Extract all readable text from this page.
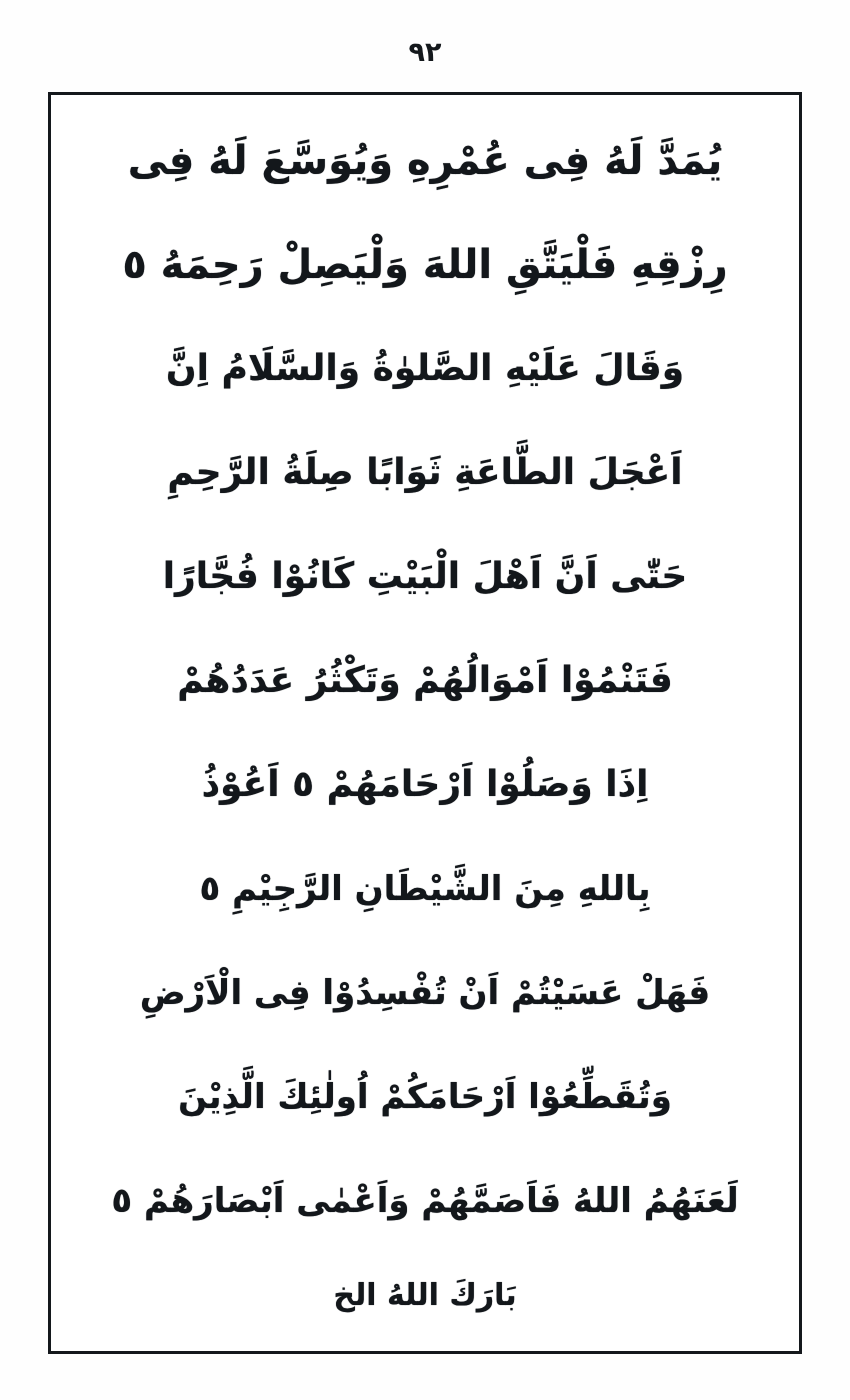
٩٢
يُمَدَّ لَهُ فِى عُمْرِهِ وَيُوَسَّعَ لَهُ فِى
رِزْقِهِ فَلْيَتَّقِ اللهَ وَلْيَصِلْ رَحِمَهُ ٥
وَقَالَ عَلَيْهِ الصَّلوٰةُ وَالسَّلَامُ اِنَّ
اَعْجَلَ الطَّاعَةِ ثَوَابًا صِلَةُ الرَّحِمِ
حَتّٰى اَنَّ اَهْلَ الْبَيْتِ كَانُوْا فُجَّارًا
فَتَنْمُوْا اَمْوَالُهُمْ وَتَكْثُرُ عَدَدُهُمْ
اِذَا وَصَلُوْا اَرْحَامَهُمْ ٥ اَعُوْذُ
بِاللهِ مِنَ الشَّيْطَانِ الرَّجِيْمِ ٥
فَهَلْ عَسَيْتُمْ اَنْ تُفْسِدُوْا فِى الْاَرْضِ
وَتُقَطِّعُوْا اَرْحَامَكُمْ اُولٰئِكَ الَّذِيْنَ
لَعَنَهُمُ اللهُ فَاَصَمَّهُمْ وَاَعْمٰى اَبْصَارَهُمْ ٥
بَارَكَ اللهُ الخ
